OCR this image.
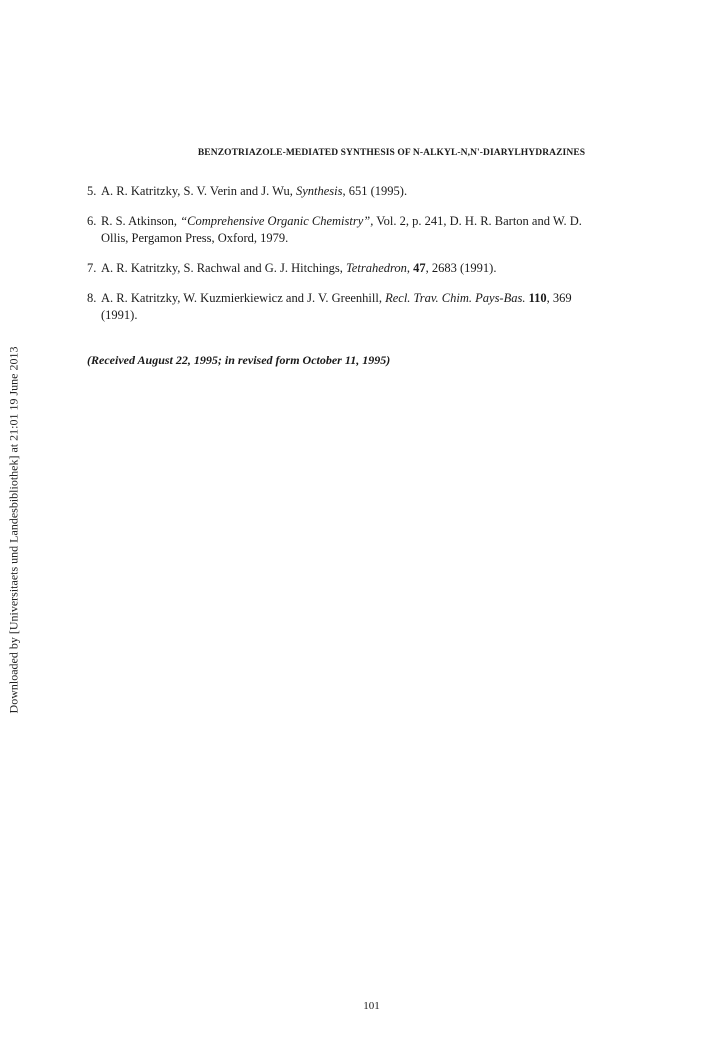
BENZOTRIAZOLE-MEDIATED SYNTHESIS OF N-ALKYL-N,N'-DIARYLHYDRAZINES
5. A. R. Katritzky, S. V. Verin and J. Wu, Synthesis, 651 (1995).
6. R. S. Atkinson, “Comprehensive Organic Chemistry”, Vol. 2, p. 241, D. H. R. Barton and W. D. Ollis, Pergamon Press, Oxford, 1979.
7. A. R. Katritzky, S. Rachwal and G. J. Hitchings, Tetrahedron, 47, 2683 (1991).
8. A. R. Katritzky, W. Kuzmierkiewicz and J. V. Greenhill, Recl. Trav. Chim. Pays-Bas. 110, 369 (1991).
(Received August 22, 1995; in revised form October 11, 1995)
Downloaded by [Universitaets und Landesbibliothek] at 21:01 19 June 2013
101
